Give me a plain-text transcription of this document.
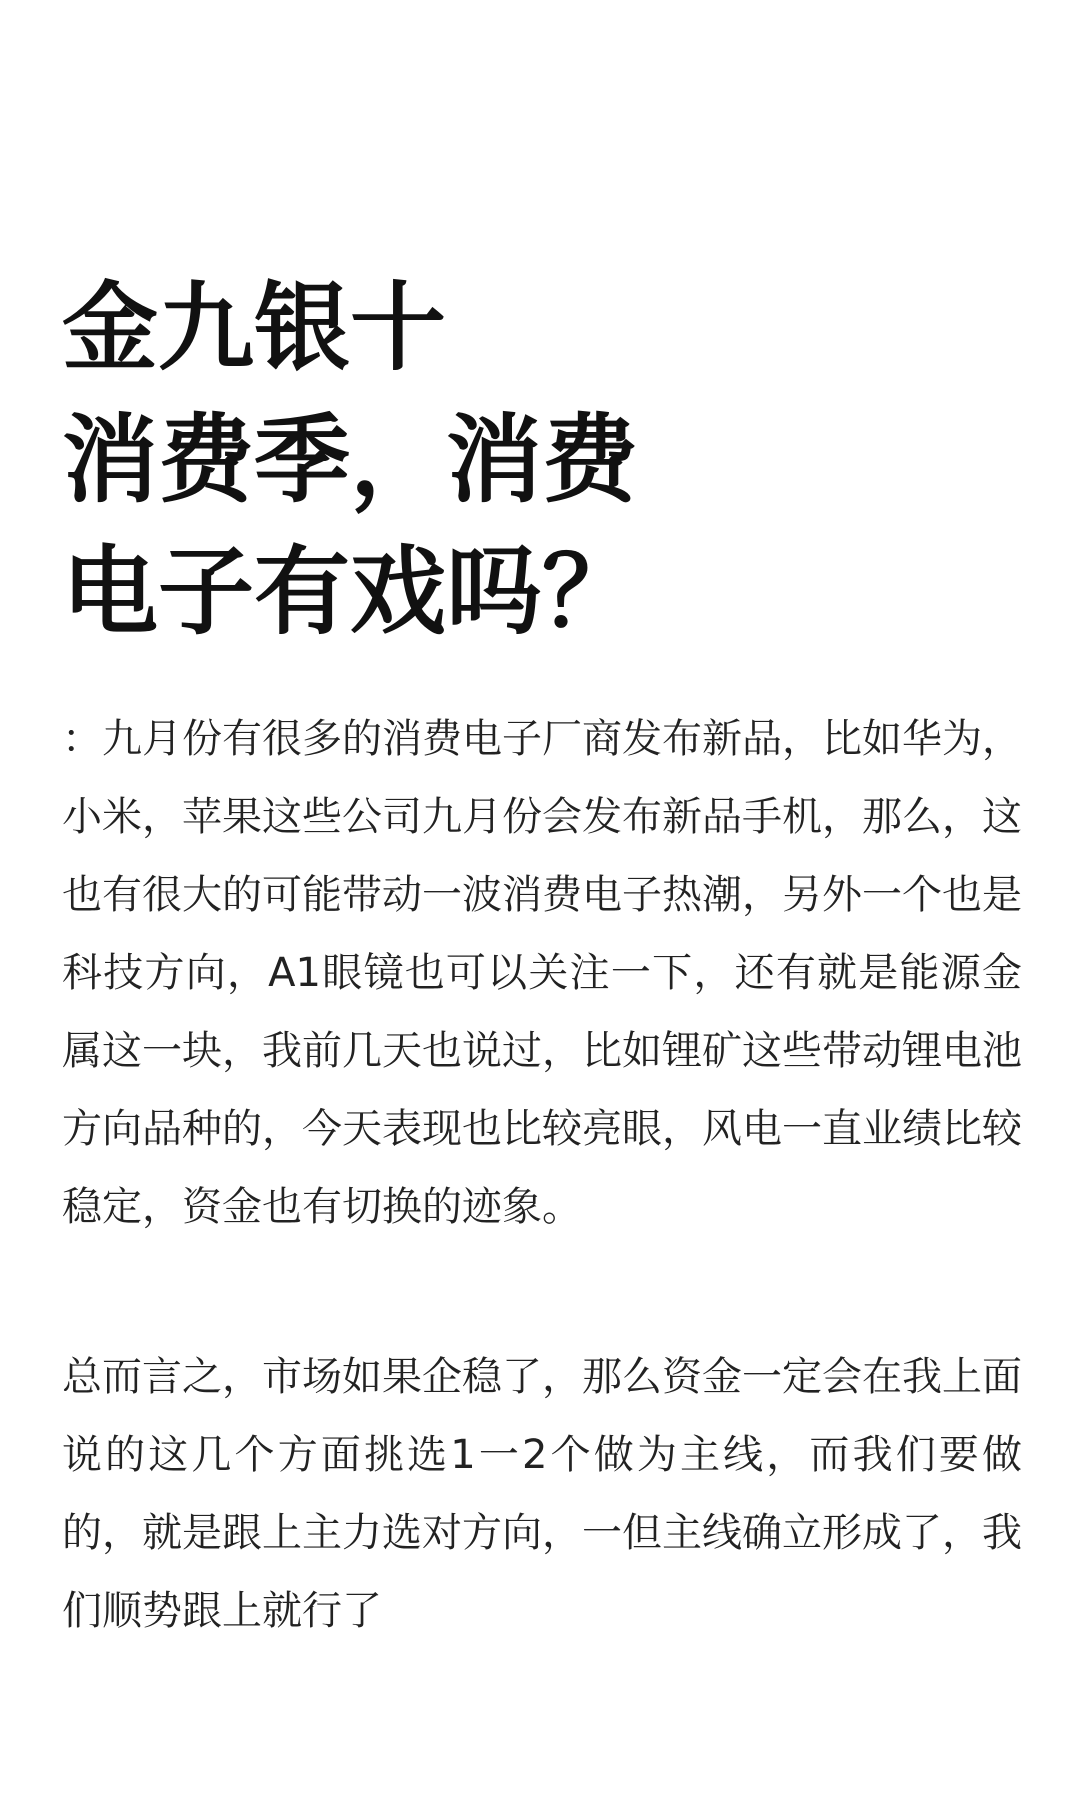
金九银十
消费季，消费
电子有戏吗？

：九月份有很多的消费电子厂商发布新品，比如华为，小米，苹果这些公司九月份会发布新品手机，那么，这也有很大的可能带动一波消费电子热潮，另外一个也是科技方向，A1眼镜也可以关注一下，还有就是能源金属这一块，我前几天也说过，比如锂矿这些带动锂电池方向品种的，今天表现也比较亮眼，风电一直业绩比较稳定，资金也有切换的迹象。

总而言之，市场如果企稳了，那么资金一定会在我上面说的这几个方面挑选1一2个做为主线，而我们要做的，就是跟上主力选对方向，一但主线确立形成了，我们顺势跟上就行了
